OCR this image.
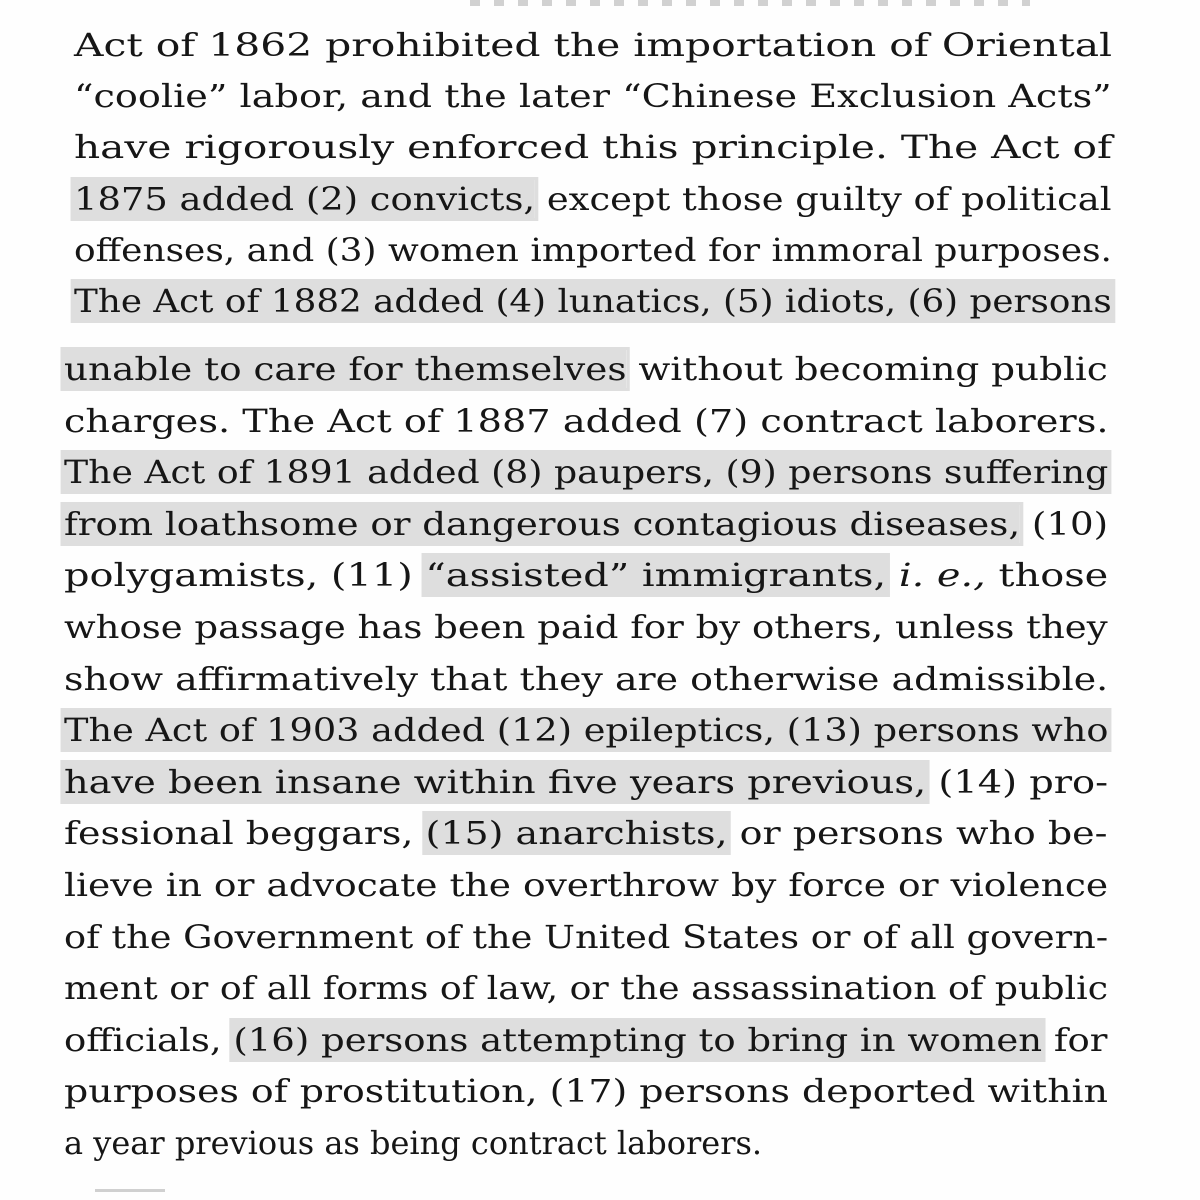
Act of 1862 prohibited the importation of Oriental
“coolie” labor, and the later “Chinese Exclusion Acts”
have rigorously enforced this principle. The Act of
1875 added (2) convicts, except those guilty of political
offenses, and (3) women imported for immoral purposes.
The Act of 1882 added (4) lunatics, (5) idiots, (6) persons
unable to care for themselves without becoming public
charges. The Act of 1887 added (7) contract laborers.
The Act of 1891 added (8) paupers, (9) persons suffering
from loathsome or dangerous contagious diseases, (10)
polygamists, (11) “assisted” immigrants, i. e., those
whose passage has been paid for by others, unless they
show affirmatively that they are otherwise admissible.
The Act of 1903 added (12) epileptics, (13) persons who
have been insane within five years previous, (14) pro-
fessional beggars, (15) anarchists, or persons who be-
lieve in or advocate the overthrow by force or violence
of the Government of the United States or of all govern-
ment or of all forms of law, or the assassination of public
officials, (16) persons attempting to bring in women for
purposes of prostitution, (17) persons deported within
a year previous as being contract laborers.
